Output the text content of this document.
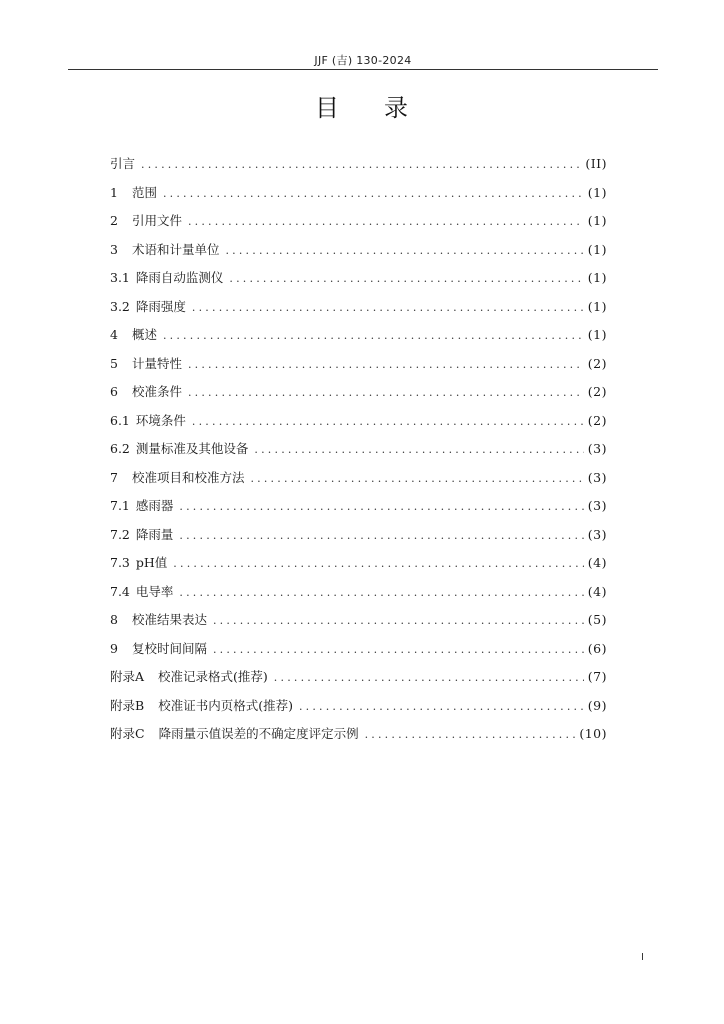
JJF (吉) 130-2024
目 录
引言 .....	(II)
1 范围 .....	(1)
2 引用文件 .....	(1)
3 术语和计量单位 .....	(1)
3.1 降雨自动监测仪 .....	(1)
3.2 降雨强度 .....	(1)
4 概述 .....	(1)
5 计量特性 .....	(2)
6 校准条件 .....	(2)
6.1 环境条件 .....	(2)
6.2 测量标准及其他设备 .....	(3)
7 校准项目和校准方法 .....	(3)
7.1 感雨器 .....	(3)
7.2 降雨量 .....	(3)
7.3 pH值 .....	(4)
7.4 电导率 .....	(4)
8 校准结果表达 .....	(5)
9 复校时间间隔 .....	(6)
附录A 校准记录格式(推荐) .....	(7)
附录B 校准证书内页格式(推荐) .....	(9)
附录C 降雨量示值误差的不确定度评定示例 .....	(10)
I
